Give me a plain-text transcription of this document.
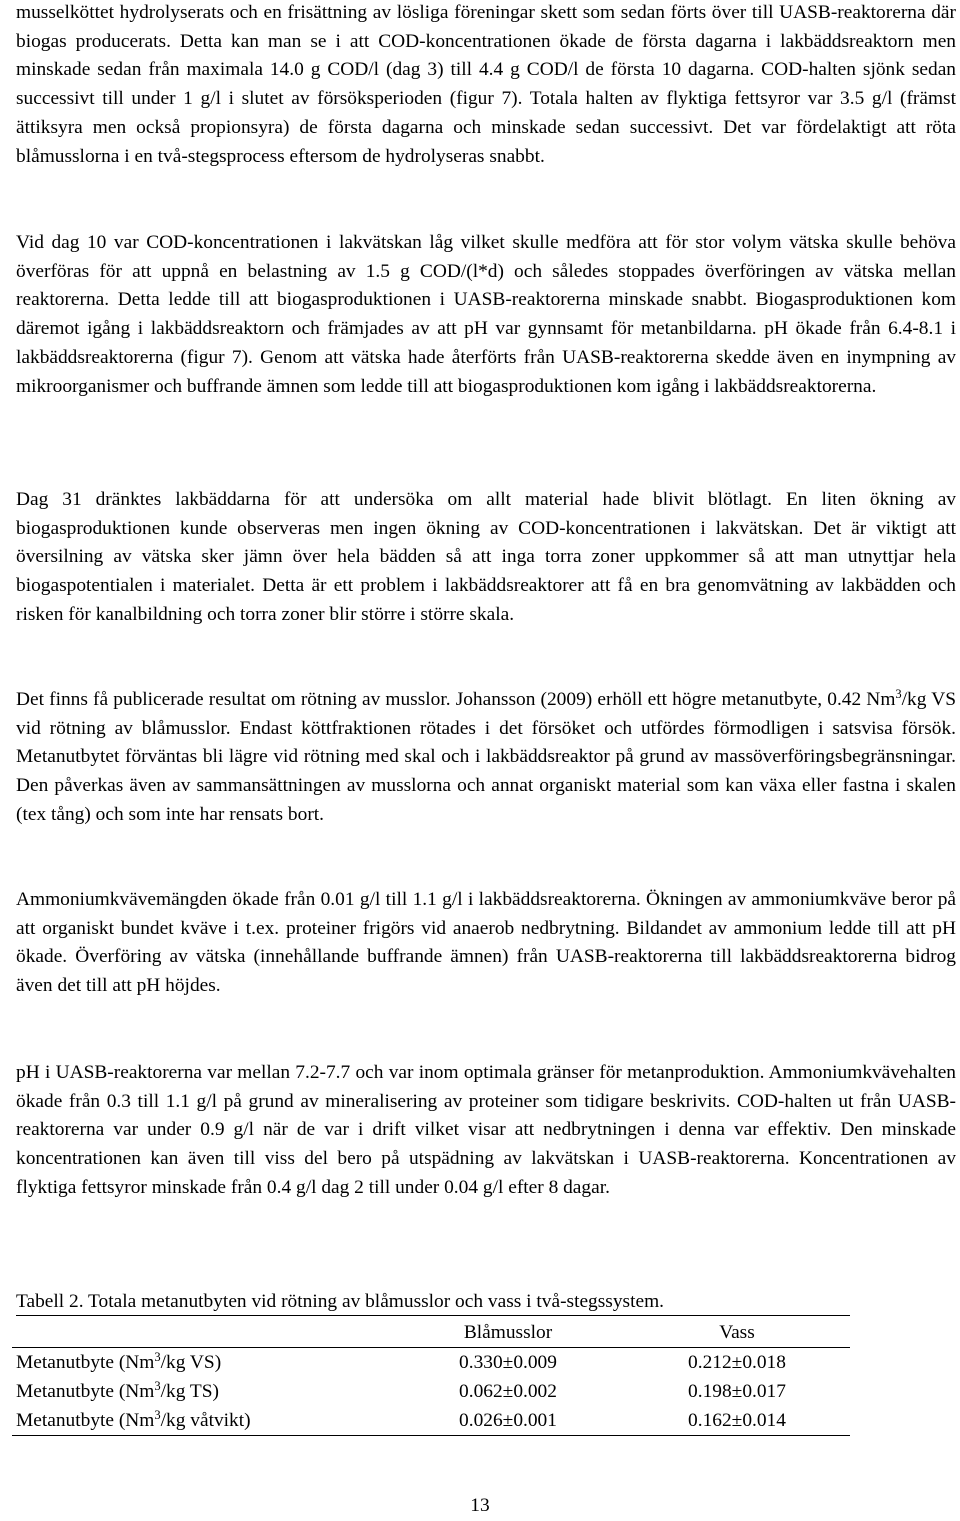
musselköttet hydrolyserats och en frisättning av lösliga föreningar skett som sedan förts över till UASB-reaktorerna där biogas producerats. Detta kan man se i att COD-koncentrationen ökade de första dagarna i lakbäddsreaktorn men minskade sedan från maximala 14.0 g COD/l (dag 3) till 4.4 g COD/l de första 10 dagarna. COD-halten sjönk sedan successivt till under 1 g/l i slutet av försöksperioden (figur 7). Totala halten av flyktiga fettsyror var 3.5 g/l (främst ättiksyra men också propionsyra) de första dagarna och minskade sedan successivt. Det var fördelaktigt att röta blåmusslorna i en två-stegsprocess eftersom de hydrolyseras snabbt.

Vid dag 10 var COD-koncentrationen i lakvätskan låg vilket skulle medföra att för stor volym vätska skulle behöva överföras för att uppnå en belastning av 1.5 g COD/(l*d) och således stoppades överföringen av vätska mellan reaktorerna. Detta ledde till att biogasproduktionen i UASB-reaktorerna minskade snabbt. Biogasproduktionen kom däremot igång i lakbäddsreaktorn och främjades av att pH var gynnsamt för metanbildarna. pH ökade från 6.4-8.1 i lakbäddsreaktorerna (figur 7). Genom att vätska hade återförts från UASB-reaktorerna skedde även en inympning av mikroorganismer och buffrande ämnen som ledde till att biogasproduktionen kom igång i lakbäddsreaktorerna.

Dag 31 dränktes lakbäddarna för att undersöka om allt material hade blivit blötlagt. En liten ökning av biogasproduktionen kunde observeras men ingen ökning av COD-koncentrationen i lakvätskan. Det är viktigt att översilning av vätska sker jämn över hela bädden så att inga torra zoner uppkommer så att man utnyttjar hela biogaspotentialen i materialet. Detta är ett problem i lakbäddsreaktorer att få en bra genomvätning av lakbädden och risken för kanalbildning och torra zoner blir större i större skala.

Det finns få publicerade resultat om rötning av musslor. Johansson (2009) erhöll ett högre metanutbyte, 0.42 Nm$^3$/kg VS vid rötning av blåmusslor. Endast köttfraktionen rötades i det försöket och utfördes förmodligen i satsvisa försök. Metanutbytet förväntas bli lägre vid rötning med skal och i lakbäddsreaktor på grund av massöverföringsbegränsningar. Den påverkas även av sammansättningen av musslorna och annat organiskt material som kan växa eller fastna i skalen (tex tång) och som inte har rensats bort.

Ammoniumkvävemängden ökade från 0.01 g/l till 1.1 g/l i lakbäddsreaktorerna. Ökningen av ammoniumkväve beror på att organiskt bundet kväve i t.ex. proteiner frigörs vid anaerob nedbrytning. Bildandet av ammonium ledde till att pH ökade. Överföring av vätska (innehållande buffrande ämnen) från UASB-reaktorerna till lakbäddsreaktorerna bidrog även det till att pH höjdes.

pH i UASB-reaktorerna var mellan 7.2-7.7 och var inom optimala gränser för metanproduktion. Ammoniumkvävehalten ökade från 0.3 till 1.1 g/l på grund av mineralisering av proteiner som tidigare beskrivits. COD-halten ut från UASB-reaktorerna var under 0.9 g/l när de var i drift vilket visar att nedbrytningen i denna var effektiv. Den minskade koncentrationen kan även till viss del bero på utspädning av lakvätskan i UASB-reaktorerna. Koncentrationen av flyktiga fettsyror minskade från 0.4 g/l dag 2 till under 0.04 g/l efter 8 dagar.

Tabell 2. Totala metanutbyten vid rötning av blåmusslor och vass i två-stegssystem.

	Blåmusslor	Vass
Metanutbyte (Nm$^3$/kg VS)	0.330±0.009	0.212±0.018
Metanutbyte (Nm$^3$/kg TS)	0.062±0.002	0.198±0.017
Metanutbyte (Nm$^3$/kg våtvikt)	0.026±0.001	0.162±0.014

13
